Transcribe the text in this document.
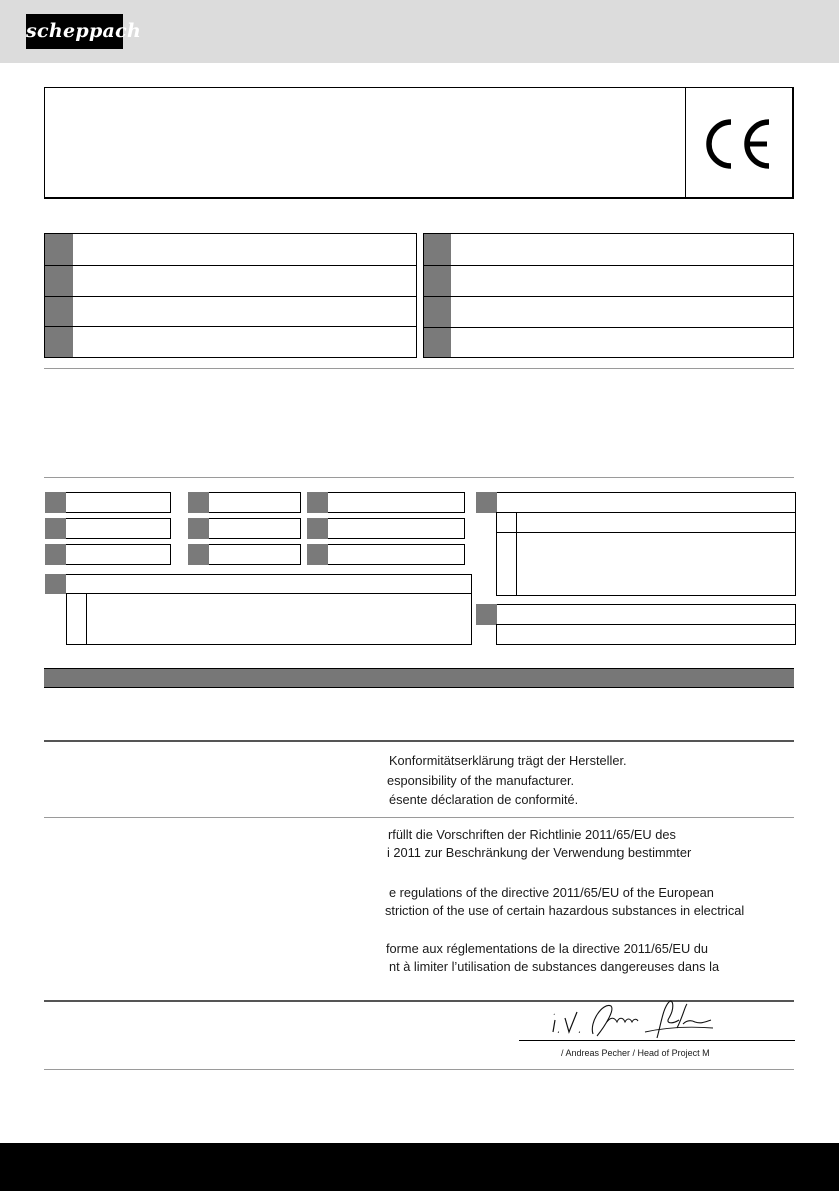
scheppach
Konformitätserklärung trägt der Hersteller.
esponsibility of the manufacturer.
ésente déclaration de conformité.
rfüllt die Vorschriften der Richtlinie 2011/65/EU des
i 2011 zur Beschränkung der Verwendung bestimmter
e regulations of the directive 2011/65/EU of the European
striction of the use of certain hazardous substances in electrical
forme aux réglementations de la directive 2011/65/EU du
nt à limiter l’utilisation de substances dangereuses dans la
/ Andreas Pecher / Head of Project M
